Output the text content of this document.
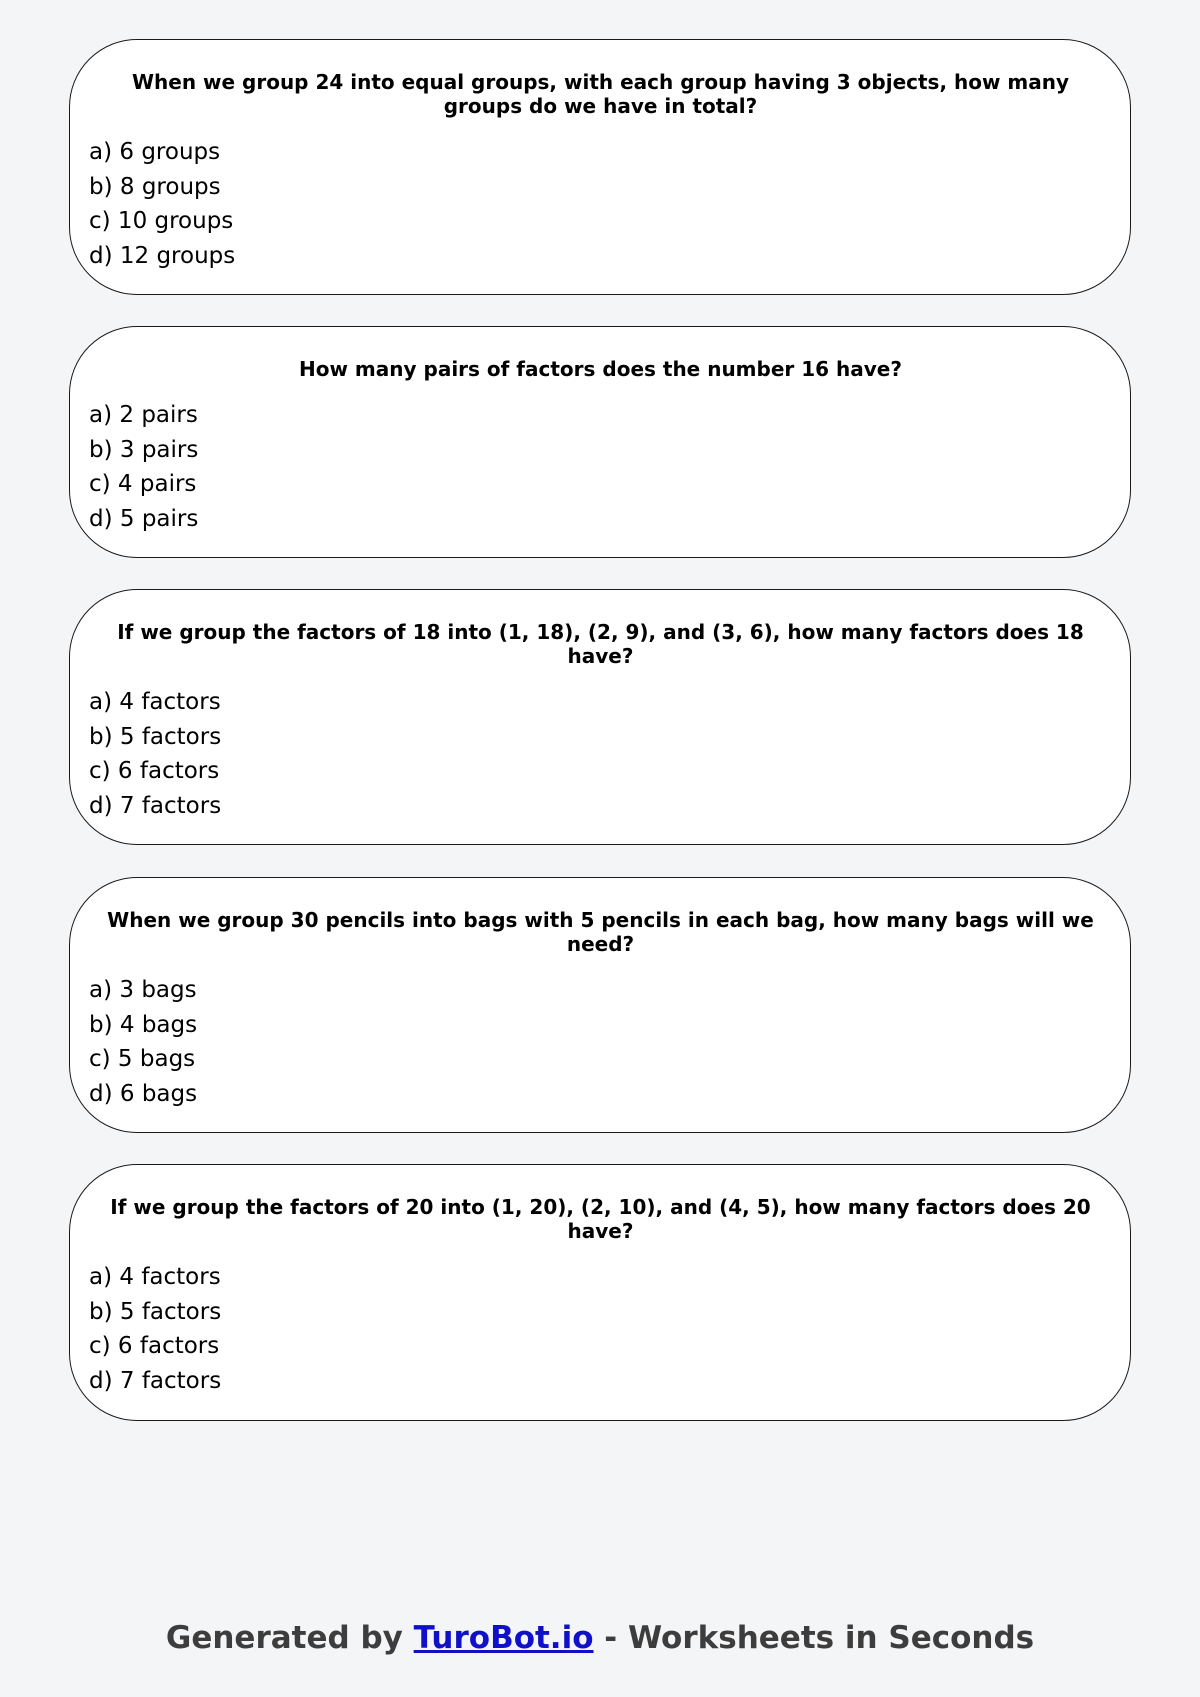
When we group 24 into equal groups, with each group having 3 objects, how many groups do we have in total?

a) 6 groups
b) 8 groups
c) 10 groups
d) 12 groups

How many pairs of factors does the number 16 have?

a) 2 pairs
b) 3 pairs
c) 4 pairs
d) 5 pairs

If we group the factors of 18 into (1, 18), (2, 9), and (3, 6), how many factors does 18 have?

a) 4 factors
b) 5 factors
c) 6 factors
d) 7 factors

When we group 30 pencils into bags with 5 pencils in each bag, how many bags will we need?

a) 3 bags
b) 4 bags
c) 5 bags
d) 6 bags

If we group the factors of 20 into (1, 20), (2, 10), and (4, 5), how many factors does 20 have?

a) 4 factors
b) 5 factors
c) 6 factors
d) 7 factors
Generated by TuroBot.io - Worksheets in Seconds
